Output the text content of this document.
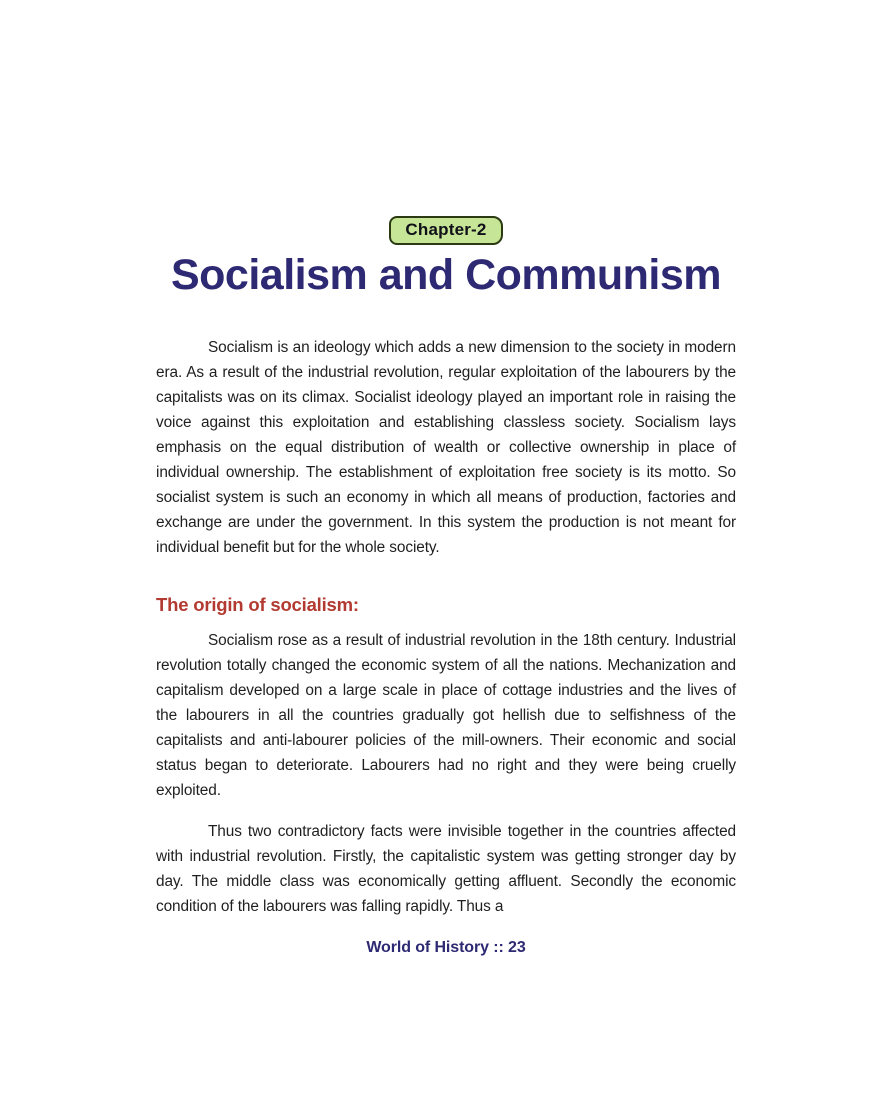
Chapter-2
Socialism and Communism

Socialism is an ideology which adds a new dimension to the society in modern era. As a result of the industrial revolution, regular exploitation of the labourers by the capitalists was on its climax. Socialist ideology played an important role in raising the voice against this exploitation and establishing classless society. Socialism lays emphasis on the equal distribution of wealth or collective ownership in place of individual ownership. The establishment of exploitation free society is its motto. So socialist system is such an economy in which all means of production, factories and exchange are under the government. In this system the production is not meant for individual benefit but for the whole society.

The origin of socialism:

Socialism rose as a result of industrial revolution in the 18th century. Industrial revolution totally changed the economic system of all the nations. Mechanization and capitalism developed on a large scale in place of cottage industries and the lives of the labourers in all the countries gradually got hellish due to selfishness of the capitalists and anti-labourer policies of the mill-owners. Their economic and social status began to deteriorate. Labourers had no right and they were being cruelly exploited.

Thus two contradictory facts were invisible together in the countries affected with industrial revolution. Firstly, the capitalistic system was getting stronger day by day. The middle class was economically getting affluent. Secondly the economic condition of the labourers was falling rapidly. Thus a

World of History :: 23
